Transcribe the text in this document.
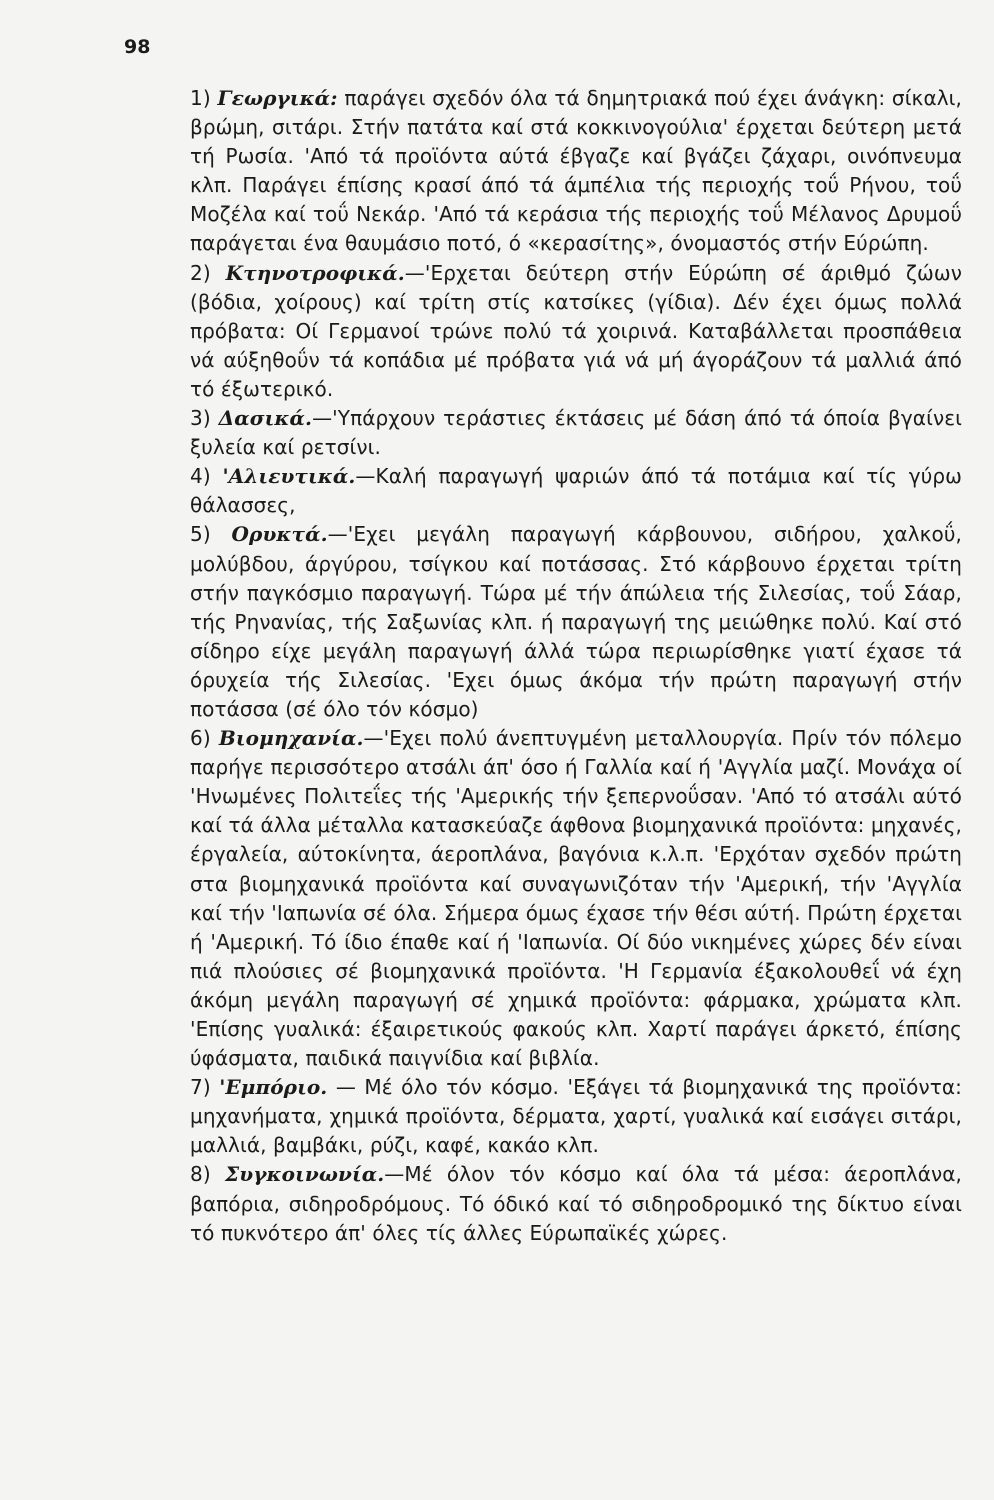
98

1) Γεωργικά: παράγει σχεδόν όλα τά δημητριακά πού έχει άνάγκη: σίκαλι, βρώμη, σιτάρι. Στήν πατάτα καί στά κοκκινογούλια' έρχεται δεύτερη μετά τή Ρωσία. 'Από τά προϊόντα αύτά έβγαζε καί βγάζει ζάχαρι, οινόπνευμα κλπ. Παράγει έπίσης κρασί άπό τά άμπέλια τής περιοχής τοΰ Ρήνου, τοΰ Μοζέλα καί τοΰ Νεκάρ. 'Από τά κεράσια τής περιοχής τοΰ Μέλανος Δρυμοΰ παράγεται ένα θαυμάσιο ποτό, ό «κερασίτης», όνομαστός στήν Εύρώπη.

2) Κτηνοτροφικά.—'Ερχεται δεύτερη στήν Εύρώπη σέ άριθμό ζώων (βόδια, χοίρους) καί τρίτη στίς κατσίκες (γίδια). Δέν έχει όμως πολλά πρόβατα: Οί Γερμανοί τρώνε πολύ τά χοιρινά. Καταβάλλεται προσπάθεια νά αύξηθοΰν τά κοπάδια μέ πρόβατα γιά νά μή άγοράζουν τά μαλλιά άπό τό έξωτερικό.

3) Δασικά.—'Υπάρχουν τεράστιες έκτάσεις μέ δάση άπό τά όποία βγαίνει ξυλεία καί ρετσίνι.

4) 'Αλιευτικά.—Καλή παραγωγή ψαριών άπό τά ποτάμια καί τίς γύρω θάλασσες,

5) Ορυκτά.—'Εχει μεγάλη παραγωγή κάρβουνου, σιδήρου, χαλκοΰ, μολύβδου, άργύρου, τσίγκου καί ποτάσσας. Στό κάρβουνο έρχεται τρίτη στήν παγκόσμιο παραγωγή. Τώρα μέ τήν άπώλεια τής Σιλεσίας, τοΰ Σάαρ, τής Ρηνανίας, τής Σαξωνίας κλπ. ή παραγωγή της μειώθηκε πολύ. Καί στό σίδηρο είχε μεγάλη παραγωγή άλλά τώρα περιωρίσθηκε γιατί έχασε τά όρυχεία τής Σιλεσίας. 'Εχει όμως άκόμα τήν πρώτη παραγωγή στήν ποτάσσα (σέ όλο τόν κόσμο)

6) Βιομηχανία.—'Εχει πολύ άνεπτυγμένη μεταλλουργία. Πρίν τόν πόλεμο παρήγε περισσότερο ατσάλι άπ' όσο ή Γαλλία καί ή 'Αγγλία μαζί. Μονάχα οί 'Ηνωμένες Πολιτεΐες τής 'Αμερικής τήν ξεπερνοΰσαν. 'Από τό ατσάλι αύτό καί τά άλλα μέταλλα κατασκεύαζε άφθονα βιομηχανικά προϊόντα: μηχανές, έργαλεία, αύτοκίνητα, άεροπλάνα, βαγόνια κ.λ.π. 'Ερχόταν σχεδόν πρώτη στα βιομηχανικά προϊόντα καί συναγωνιζόταν τήν 'Αμερική, τήν 'Αγγλία καί τήν 'Ιαπωνία σέ όλα. Σήμερα όμως έχασε τήν θέσι αύτή. Πρώτη έρχεται ή 'Αμερική. Τό ίδιο έπαθε καί ή 'Ιαπωνία. Οί δύο νικημένες χώρες δέν είναι πιά πλούσιες σέ βιομηχανικά προϊόντα. 'Η Γερμανία έξακολουθεΐ νά έχη άκόμη μεγάλη παραγωγή σέ χημικά προϊόντα: φάρμακα, χρώματα κλπ. 'Επίσης γυαλικά: έξαιρετικούς φακούς κλπ. Χαρτί παράγει άρκετό, έπίσης ύφάσματα, παιδικά παιγνίδια καί βιβλία.

7) 'Εμπόριο. — Μέ όλο τόν κόσμο. 'Εξάγει τά βιομηχανικά της προϊόντα: μηχανήματα, χημικά προϊόντα, δέρματα, χαρτί, γυαλικά καί εισάγει σιτάρι, μαλλιά, βαμβάκι, ρύζι, καφέ, κακάο κλπ.

8) Συγκοινωνία.—Μέ όλον τόν κόσμο καί όλα τά μέσα: άεροπλάνα, βαπόρια, σιδηροδρόμους. Τό όδικό καί τό σιδηροδρομικό της δίκτυο είναι τό πυκνότερο άπ' όλες τίς άλλες Εύρωπαϊκές χώρες.
